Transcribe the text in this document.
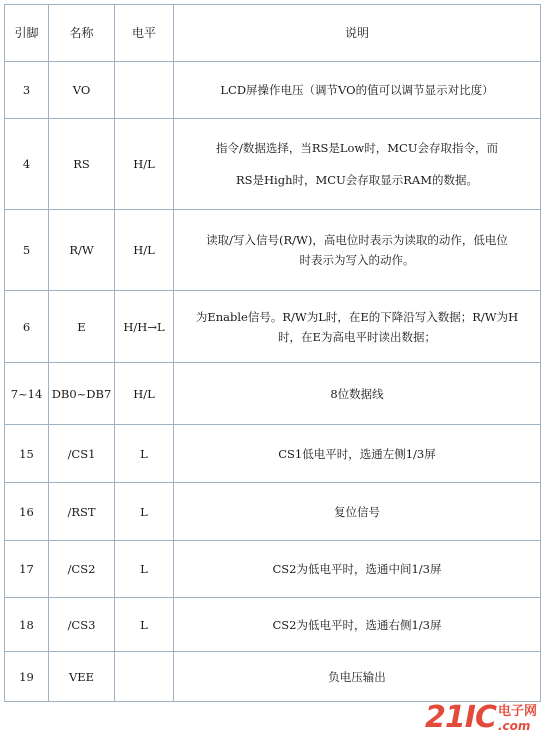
引脚	名称	电平	说明
3	VO		LCD屏操作电压（调节VO的值可以调节显示对比度）
4	RS	H/L	指令/数据选择，当RS是Low时，MCU会存取指令，而
RS是High时，MCU会存取显示RAM的数据。

5	R/W	H/L	读取/写入信号(R/W)，高电位时表示为读取的动作，低电位
时表示为写入的动作。

6	E	H/H→L	为Enable信号。R/W为L时，在E的下降沿写入数据；R/W为H
时，在E为高电平时读出数据；

7~14	DB0~DB7	H/L	8位数据线
15	/CS1	L	CS1低电平时，选通左侧1/3屏
16	/RST	L	复位信号
17	/CS2	L	CS2为低电平时，选通中间1/3屏
18	/CS3	L	CS2为低电平时，选通右侧1/3屏
19	VEE		负电压输出
21IC 电子网
.com
